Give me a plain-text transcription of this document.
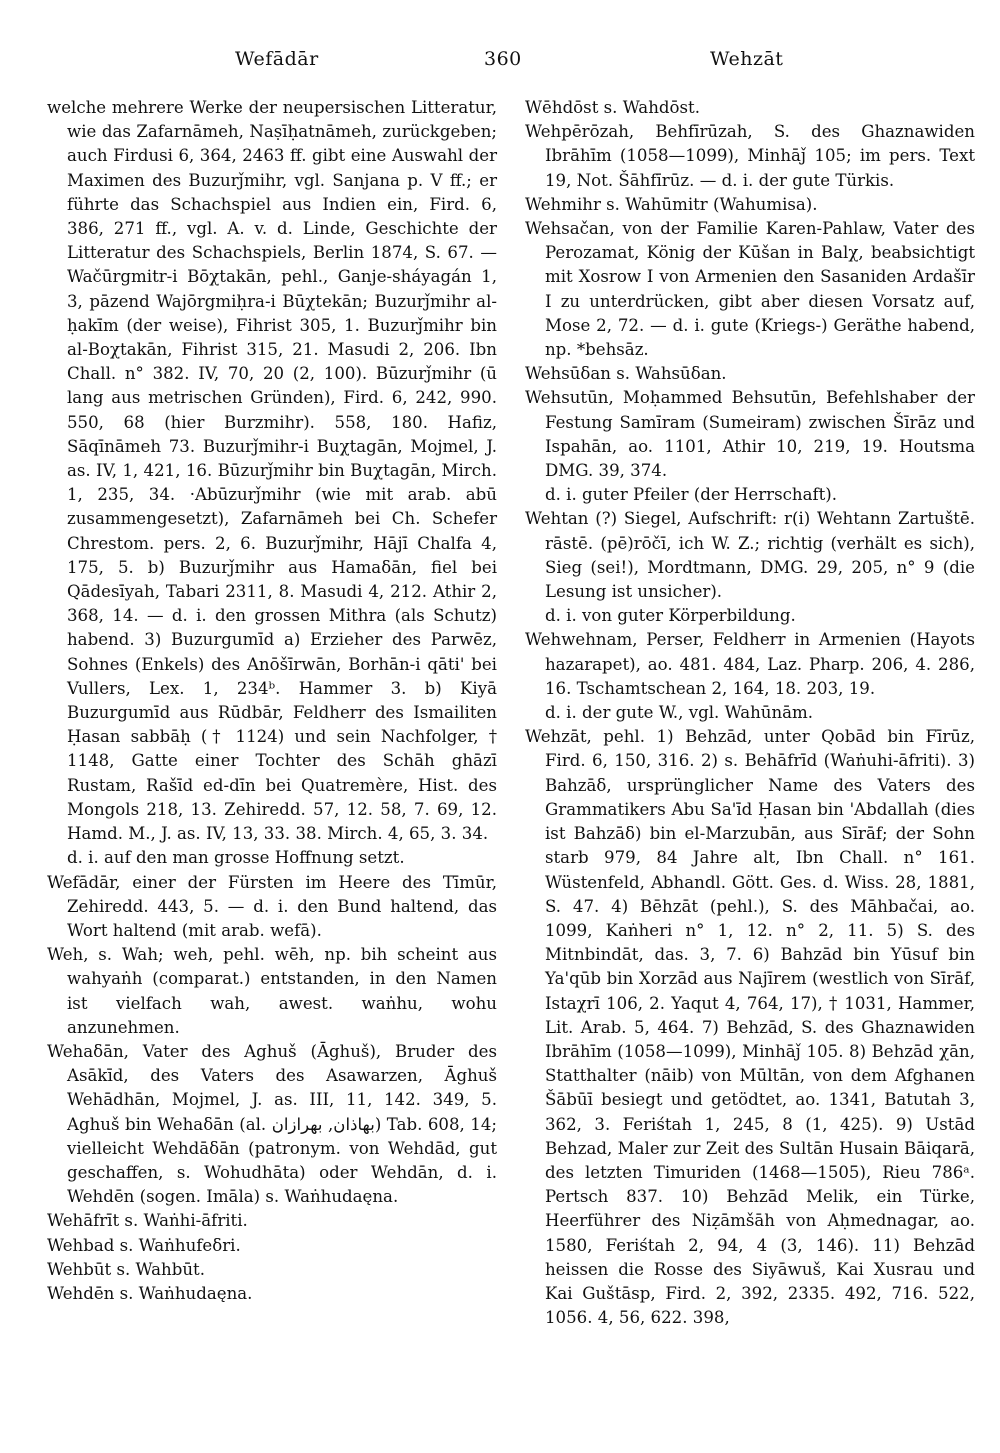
Wefādār	360	Wehzāt

welche mehrere Werke der neupersischen Litteratur, wie das Zafarnāmeh, Naṣīḥatnāmeh, zurückgeben; auch Firdusi 6, 364, 2463 ff. gibt eine Auswahl der Maximen des Buzurǰmihr, vgl. Sanjana p. V ff.; er führte das Schachspiel aus Indien ein, Fird. 6, 386, 271 ff., vgl. A. v. d. Linde, Geschichte der Litteratur des Schachspiels, Berlin 1874, S. 67. — Wačūrgmitr-i Bōχtakān, pehl., Ganje-sháyagán 1, 3, pāzend Wajōrgmiḥra-i Būχtekān; Buzurǰmihr al-ḥakīm (der weise), Fihrist 305, 1. Buzurǰmihr bin al-Boχtakān, Fihrist 315, 21. Masudi 2, 206. Ibn Chall. n° 382. IV, 70, 20 (2, 100). Būzurǰmihr (ū lang aus metrischen Gründen), Fird. 6, 242, 990. 550, 68 (hier Burzmihr). 558, 180. Hafiz, Sāqīnāmeh 73. Buzurǰmihr-i Buχtagān, Mojmel, J. as. IV, 1, 421, 16. Būzurǰmihr bin Buχtagān, Mirch. 1, 235, 34. ·Abūzurǰmihr (wie mit arab. abū zusammengesetzt), Zafarnāmeh bei Ch. Schefer Chrestom. pers. 2, 6. Buzurǰmihr, Hājī Chalfa 4, 175, 5. b) Buzurǰmihr aus Hamaδān, fiel bei Qādesīyah, Tabari 2311, 8. Masudi 4, 212. Athir 2, 368, 14. — d. i. den grossen Mithra (als Schutz) habend. 3) Buzurgumīd a) Erzieher des Parwēz, Sohnes (Enkels) des Anōšīrwān, Borhān-i qāti' bei Vullers, Lex. 1, 234ᵇ. Hammer 3. b) Kiyā Buzurgumīd aus Rūdbār, Feldherr des Ismailiten Ḥasan sabbāḥ († 1124) und sein Nachfolger, † 1148, Gatte einer Tochter des Schāh ghāzī Rustam, Rašīd ed-dīn bei Quatremère, Hist. des Mongols 218, 13. Zehiredd. 57, 12. 58, 7. 69, 12. Hamd. M., J. as. IV, 13, 33. 38. Mirch. 4, 65, 3. 34.

d. i. auf den man grosse Hoffnung setzt.

Wefādār, einer der Fürsten im Heere des Tīmūr, Zehiredd. 443, 5. — d. i. den Bund haltend, das Wort haltend (mit arab. wefā).

Weh, s. Wah; weh, pehl. wēh, np. bih scheint aus wahyaṅh (comparat.) entstanden, in den Namen ist vielfach wah, awest. waṅhu, wohu anzunehmen.

Wehaδān, Vater des Aghuš (Āghuš), Bruder des Asākīd, des Vaters des Asawarzen, Āghuš Wehādhān, Mojmel, J. as. III, 11, 142. 349, 5. Aghuš bin Wehaδān (al. بهاذان, بهرازان) Tab. 608, 14; vielleicht Wehdāδān (patronym. von Wehdād, gut geschaffen, s. Wohudhāta) oder Wehdān, d. i. Wehdēn (sogen. Imāla) s. Waṅhudaęna.

Wehāfrīt s. Waṅhi-āfriti.

Wehbad s. Waṅhufeδri.

Wehbūt s. Wahbūt.

Wehdēn s. Waṅhudaęna.

Wēhdōst s. Wahdōst.

Wehpērōzah, Behfīrūzah, S. des Ghaznawiden Ibrāhīm (1058—1099), Minhāǰ 105; im pers. Text 19, Not. Šāhfīrūz. — d. i. der gute Türkis.

Wehmihr s. Wahūmitr (Wahumisa).

Wehsačan, von der Familie Karen-Pahlaw, Vater des Perozamat, König der Kūšan in Balχ, beabsichtigt mit Xosrow I von Armenien den Sasaniden Ardašīr I zu unterdrücken, gibt aber diesen Vorsatz auf, Mose 2, 72. — d. i. gute (Kriegs-) Geräthe habend, np. *behsāz.

Wehsūδan s. Wahsūδan.

Wehsutūn, Moḥammed Behsutūn, Befehlshaber der Festung Samīram (Sumeiram) zwischen Šīrāz und Ispahān, ao. 1101, Athir 10, 219, 19. Houtsma DMG. 39, 374.

d. i. guter Pfeiler (der Herrschaft).

Wehtan (?) Siegel, Aufschrift: r(i) Wehtann Zartuštē. rāstē. (pē)rōčī, ich W. Z.; richtig (verhält es sich), Sieg (sei!), Mordtmann, DMG. 29, 205, n° 9 (die Lesung ist unsicher).

d. i. von guter Körperbildung.

Wehwehnam, Perser, Feldherr in Armenien (Hayots hazarapet), ao. 481. 484, Laz. Pharp. 206, 4. 286, 16. Tschamtschean 2, 164, 18. 203, 19.

d. i. der gute W., vgl. Wahūnām.

Wehzāt, pehl. 1) Behzād, unter Qobād bin Fīrūz, Fird. 6, 150, 316. 2) s. Behāfrīd (Waṅuhi-āfriti). 3) Bahzāδ, ursprünglicher Name des Vaters des Grammatikers Abu Sa'īd Ḥasan bin 'Abdallah (dies ist Bahzāδ) bin el-Marzubān, aus Sīrāf; der Sohn starb 979, 84 Jahre alt, Ibn Chall. n° 161. Wüstenfeld, Abhandl. Gött. Ges. d. Wiss. 28, 1881, S. 47. 4) Bēhzāt (pehl.), S. des Māhbačai, ao. 1099, Kaṅheri n° 1, 12. n° 2, 11. 5) S. des Mitnbindāt, das. 3, 7. 6) Bahzād bin Yūsuf bin Ya'qūb bin Xorzād aus Najīrem (westlich von Sīrāf, Istaχrī 106, 2. Yaqut 4, 764, 17), † 1031, Hammer, Lit. Arab. 5, 464. 7) Behzād, S. des Ghaznawiden Ibrāhīm (1058—1099), Minhāǰ 105. 8) Behzād χān, Statthalter (nāib) von Mūltān, von dem Afghanen Šābūī besiegt und getödtet, ao. 1341, Batutah 3, 362, 3. Feriśtah 1, 245, 8 (1, 425). 9) Ustād Behzad, Maler zur Zeit des Sultān Husain Bāiqarā, des letzten Timuriden (1468—1505), Rieu 786ᵃ. Pertsch 837. 10) Behzād Melik, ein Türke, Heerführer des Niẓāmšāh von Aḥmednagar, ao. 1580, Feriśtah 2, 94, 4 (3, 146). 11) Behzād heissen die Rosse des Siyāwuš, Kai Xusrau und Kai Guštāsp, Fird. 2, 392, 2335. 492, 716. 522, 1056. 4, 56, 622. 398,
